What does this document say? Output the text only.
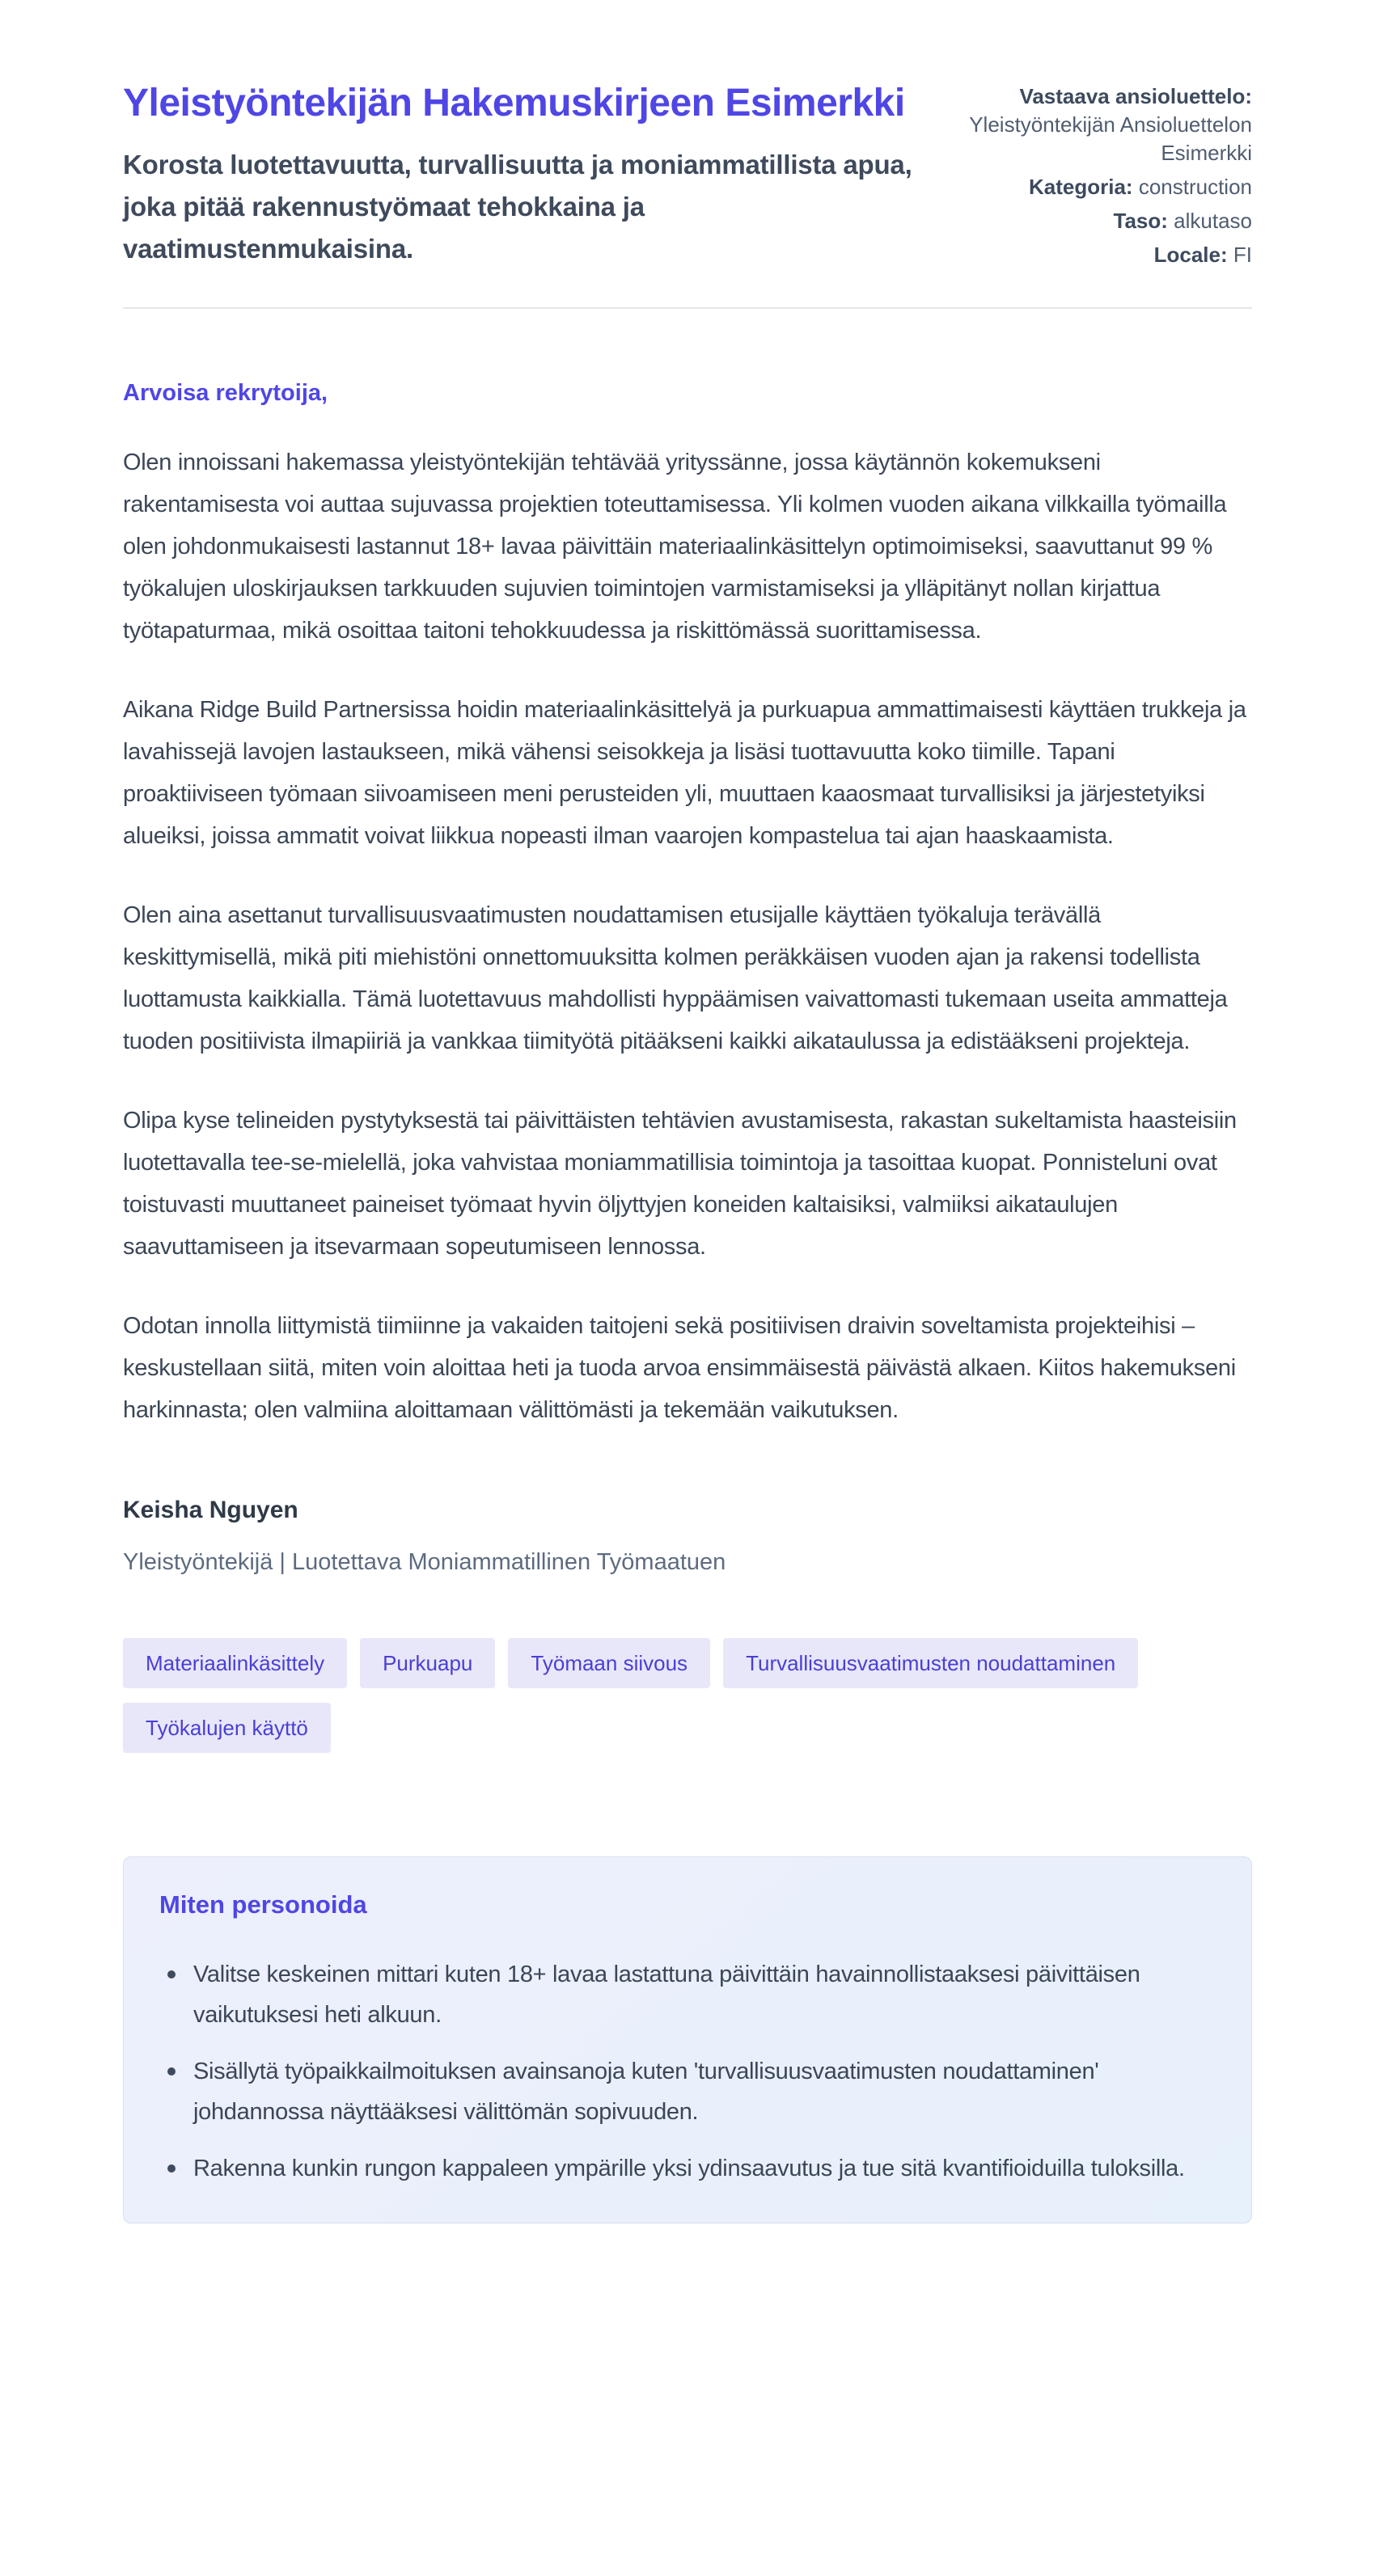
Yleistyöntekijän Hakemuskirjeen Esimerkki
Korosta luotettavuutta, turvallisuutta ja moniammatillista apua, joka pitää rakennustyömaat tehokkaina ja vaatimustenmukaisina.
Vastaava ansioluettelo: Yleistyöntekijän Ansioluettelon Esimerkki
Kategoria: construction
Taso: alkutaso
Locale: FI
Arvoisa rekrytoija,

Olen innoissani hakemassa yleistyöntekijän tehtävää yrityssänne, jossa käytännön kokemukseni rakentamisesta voi auttaa sujuvassa projektien toteuttamisessa. Yli kolmen vuoden aikana vilkkailla työmailla olen johdonmukaisesti lastannut 18+ lavaa päivittäin materiaalinkäsittelyn optimoimiseksi, saavuttanut 99 % työkalujen uloskirjauksen tarkkuuden sujuvien toimintojen varmistamiseksi ja ylläpitänyt nollan kirjattua työtapaturmaa, mikä osoittaa taitoni tehokkuudessa ja riskittömässä suorittamisessa.

Aikana Ridge Build Partnersissa hoidin materiaalinkäsittelyä ja purkuapua ammattimaisesti käyttäen trukkeja ja lavahissejä lavojen lastaukseen, mikä vähensi seisokkeja ja lisäsi tuottavuutta koko tiimille. Tapani proaktiiviseen työmaan siivoamiseen meni perusteiden yli, muuttaen kaaosmaat turvallisiksi ja järjestetyiksi alueiksi, joissa ammatit voivat liikkua nopeasti ilman vaarojen kompastelua tai ajan haaskaamista.

Olen aina asettanut turvallisuusvaatimusten noudattamisen etusijalle käyttäen työkaluja terävällä keskittymisellä, mikä piti miehistöni onnettomuuksitta kolmen peräkkäisen vuoden ajan ja rakensi todellista luottamusta kaikkialla. Tämä luotettavuus mahdollisti hyppäämisen vaivattomasti tukemaan useita ammatteja tuoden positiivista ilmapiiriä ja vankkaa tiimityötä pitääkseni kaikki aikataulussa ja edistääkseni projekteja.

Olipa kyse telineiden pystytyksestä tai päivittäisten tehtävien avustamisesta, rakastan sukeltamista haasteisiin luotettavalla tee-se-mielellä, joka vahvistaa moniammatillisia toimintoja ja tasoittaa kuopat. Ponnisteluni ovat toistuvasti muuttaneet paineiset työmaat hyvin öljyttyjen koneiden kaltaisiksi, valmiiksi aikataulujen saavuttamiseen ja itsevarmaan sopeutumiseen lennossa.

Odotan innolla liittymistä tiimiinne ja vakaiden taitojeni sekä positiivisen draivin soveltamista projekteihisi – keskustellaan siitä, miten voin aloittaa heti ja tuoda arvoa ensimmäisestä päivästä alkaen. Kiitos hakemukseni harkinnasta; olen valmiina aloittamaan välittömästi ja tekemään vaikutuksen.

Keisha Nguyen
Yleistyöntekijä | Luotettava Moniammatillinen Työmaatuen
Materiaalinkäsittely	Purkuapu	Työmaan siivous	Turvallisuusvaatimusten noudattaminen
Työkalujen käyttö
Miten personoida
Valitse keskeinen mittari kuten 18+ lavaa lastattuna päivittäin havainnollistaaksesi päivittäisen vaikutuksesi heti alkuun.
Sisällytä työpaikkailmoituksen avainsanoja kuten 'turvallisuusvaatimusten noudattaminen' johdannossa näyttääksesi välittömän sopivuuden.
Rakenna kunkin rungon kappaleen ympärille yksi ydinsaavutus ja tue sitä kvantifioiduilla tuloksilla.
